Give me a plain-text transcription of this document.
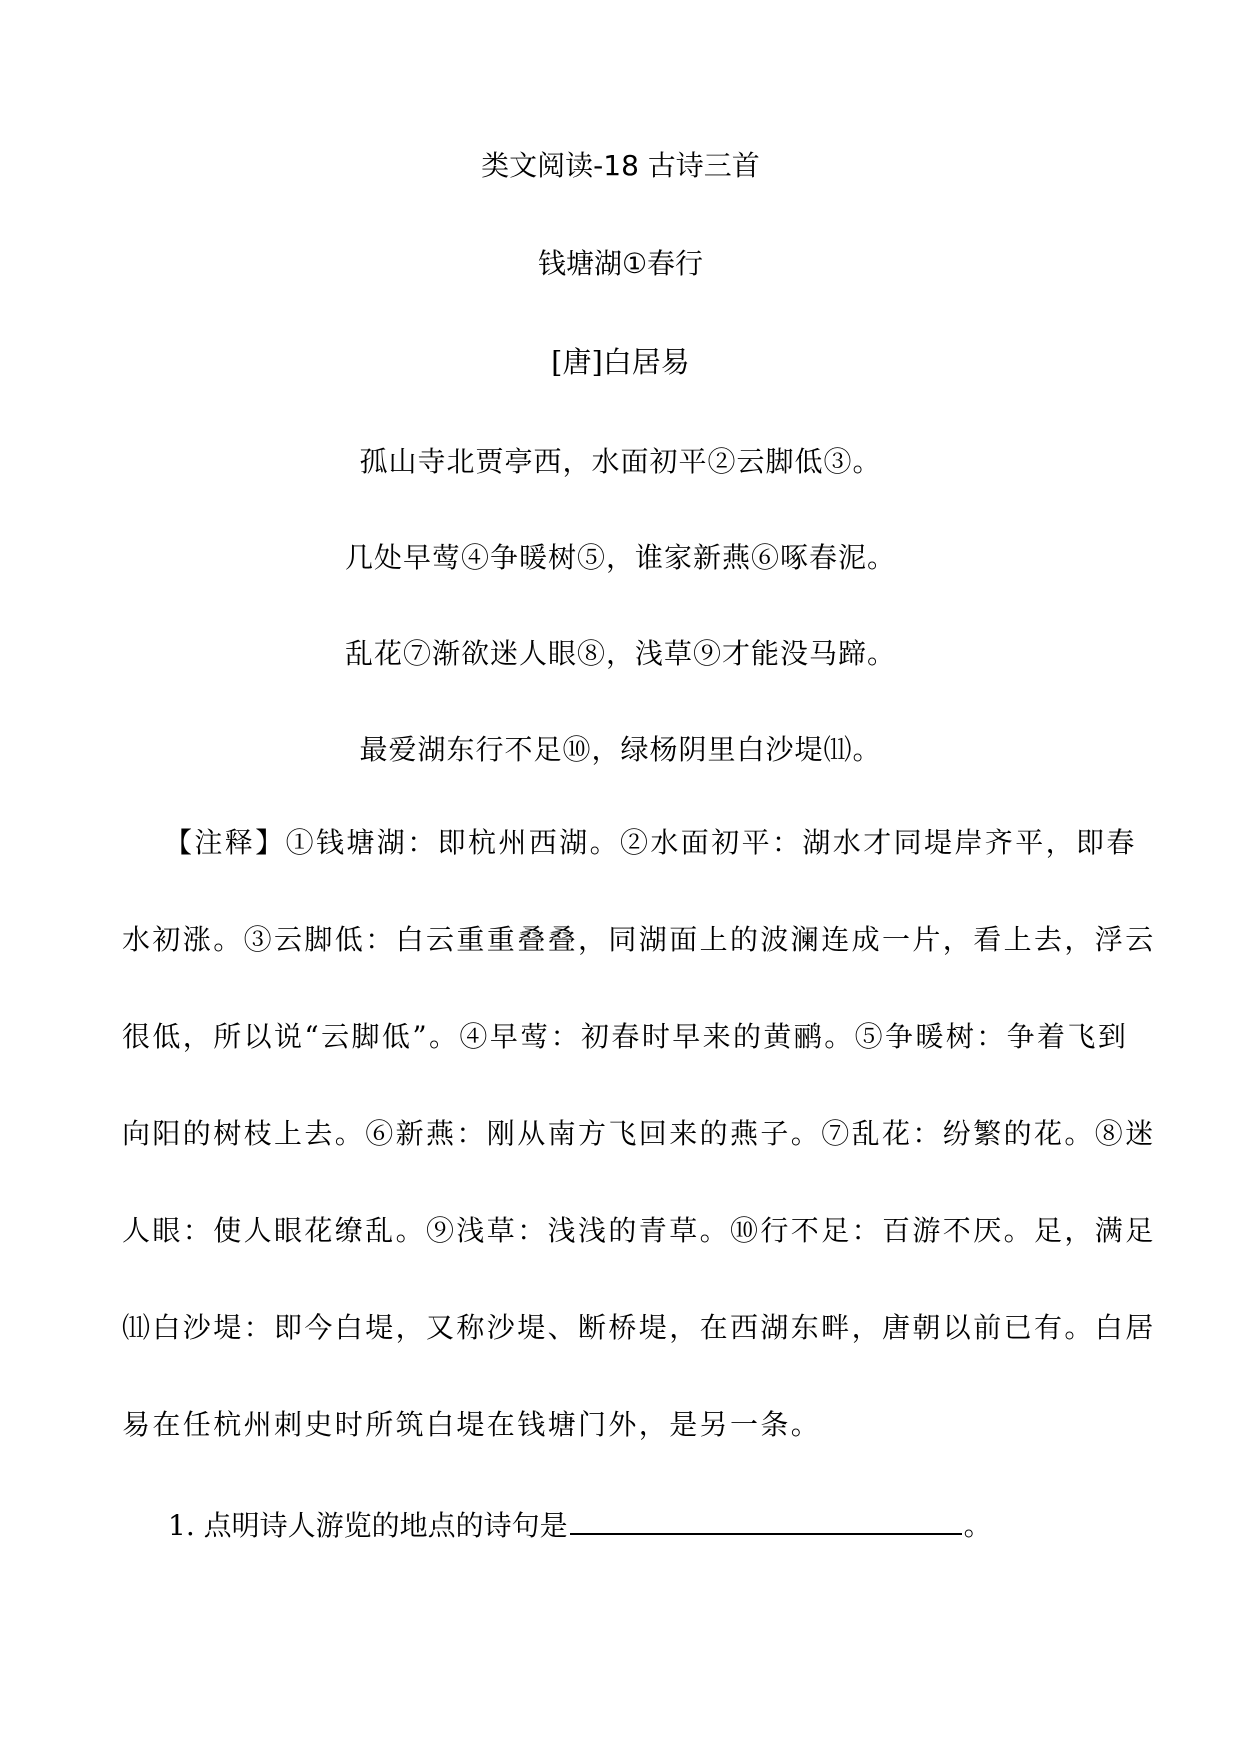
类文阅读-18 古诗三首
钱塘湖①春行
[唐]白居易
孤山寺北贾亭西，水面初平②云脚低③。
几处早莺④争暖树⑤，谁家新燕⑥啄春泥。
乱花⑦渐欲迷人眼⑧，浅草⑨才能没马蹄。
最爱湖东行不足⑩，绿杨阴里白沙堤⑾。
【注释】①钱塘湖：即杭州西湖。②水面初平：湖水才同堤岸齐平，即春
水初涨。③云脚低：白云重重叠叠，同湖面上的波澜连成一片，看上去，浮云
很低，所以说“云脚低”。④早莺：初春时早来的黄鹂。⑤争暖树：争着飞到
向阳的树枝上去。⑥新燕：刚从南方飞回来的燕子。⑦乱花：纷繁的花。⑧迷
人眼：使人眼花缭乱。⑨浅草：浅浅的青草。⑩行不足：百游不厌。足，满足
⑾白沙堤：即今白堤，又称沙堤、断桥堤，在西湖东畔，唐朝以前已有。白居
易在任杭州刺史时所筑白堤在钱塘门外，是另一条。
1. 点明诗人游览的地点的诗句是	。
